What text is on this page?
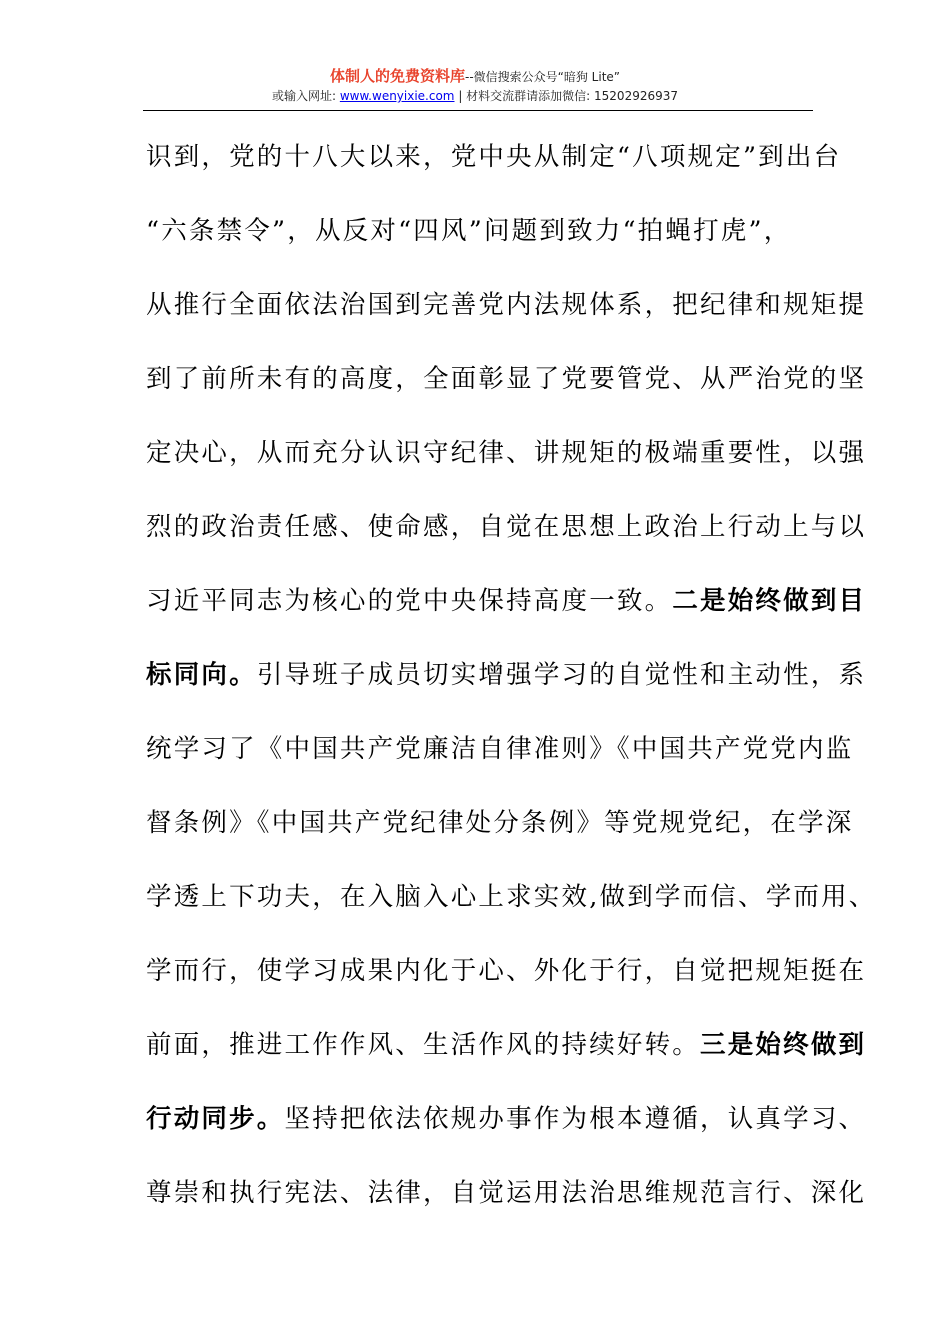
体制人的免费资料库--微信搜索公众号“暗狗 Lite”
或输入网址: www.wenyixie.com | 材料交流群请添加微信: 15202926937
识到，党的十八大以来，党中央从制定“八项规定”到出台
“六条禁令”，从反对“四风”问题到致力“拍蝇打虎”，
从推行全面依法治国到完善党内法规体系，把纪律和规矩提
到了前所未有的高度，全面彰显了党要管党、从严治党的坚
定决心，从而充分认识守纪律、讲规矩的极端重要性，以强
烈的政治责任感、使命感，自觉在思想上政治上行动上与以
习近平同志为核心的党中央保持高度一致。二是始终做到目
标同向。引导班子成员切实增强学习的自觉性和主动性，系
统学习了《中国共产党廉洁自律准则》《中国共产党党内监
督条例》《中国共产党纪律处分条例》等党规党纪，在学深
学透上下功夫，在入脑入心上求实效,做到学而信、学而用、
学而行，使学习成果内化于心、外化于行，自觉把规矩挺在
前面，推进工作作风、生活作风的持续好转。三是始终做到
行动同步。坚持把依法依规办事作为根本遵循，认真学习、
尊崇和执行宪法、法律，自觉运用法治思维规范言行、深化
